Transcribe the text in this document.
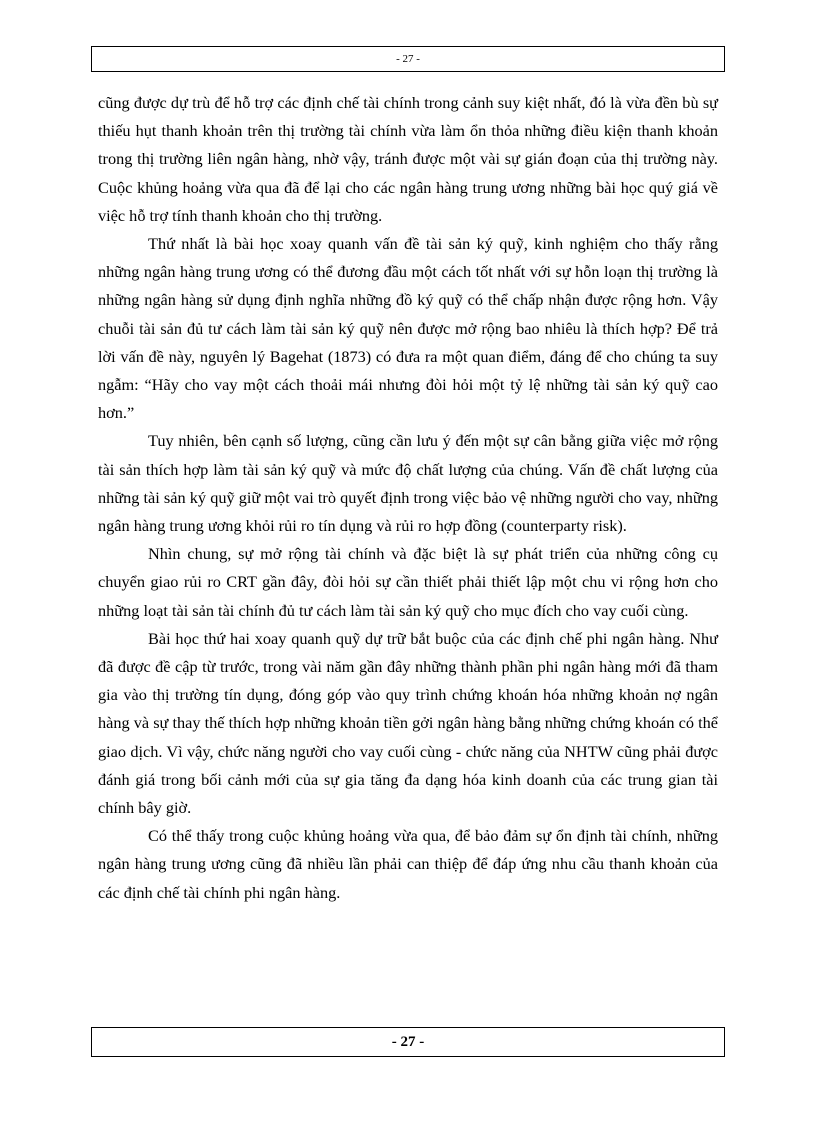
- 27 -

cũng được dự trù để hỗ trợ các định chế tài chính trong cảnh suy kiệt nhất, đó là vừa đền bù sự thiếu hụt thanh khoản trên thị trường tài chính vừa làm ổn thỏa những điều kiện thanh khoản trong thị trường liên ngân hàng, nhờ vậy, tránh được một vài sự gián đoạn của thị trường này. Cuộc khủng hoảng vừa qua đã để lại cho các ngân hàng trung ương những bài học quý giá về việc hỗ trợ tính thanh khoản cho thị trường.

Thứ nhất là bài học xoay quanh vấn đề tài sản ký quỹ, kinh nghiệm cho thấy rằng những ngân hàng trung ương có thể đương đầu một cách tốt nhất với sự hỗn loạn thị trường là những ngân hàng sử dụng định nghĩa những đồ ký quỹ có thể chấp nhận được rộng hơn. Vậy chuỗi tài sản đủ tư cách làm tài sản ký quỹ nên được mở rộng bao nhiêu là thích hợp? Để trả lời vấn đề này, nguyên lý Bagehat (1873) có đưa ra một quan điểm, đáng để cho chúng ta suy ngẫm: “Hãy cho vay một cách thoải mái nhưng đòi hỏi một tỷ lệ những tài sản ký quỹ cao hơn.”

Tuy nhiên, bên cạnh số lượng, cũng cần lưu ý đến một sự cân bằng giữa việc mở rộng tài sản thích hợp làm tài sản ký quỹ và mức độ chất lượng của chúng. Vấn đề chất lượng của những tài sản ký quỹ giữ một vai trò quyết định trong việc bảo vệ những người cho vay, những ngân hàng trung ương khỏi rủi ro tín dụng và rủi ro hợp đồng (counterparty risk).

Nhìn chung, sự mở rộng tài chính và đặc biệt là sự phát triển của những công cụ chuyển giao rủi ro CRT gần đây, đòi hỏi sự cần thiết phải thiết lập một chu vi rộng hơn cho những loạt tài sản tài chính đủ tư cách làm tài sản ký quỹ cho mục đích cho vay cuối cùng.

Bài học thứ hai xoay quanh quỹ dự trữ bắt buộc của các định chế phi ngân hàng. Như đã được đề cập từ trước, trong vài năm gần đây những thành phần phi ngân hàng mới đã tham gia vào thị trường tín dụng, đóng góp vào quy trình chứng khoán hóa những khoản nợ ngân hàng và sự thay thế thích hợp những khoản tiền gởi ngân hàng bằng những chứng khoán có thể giao dịch. Vì vậy, chức năng người cho vay cuối cùng - chức năng của NHTW cũng phải được đánh giá trong bối cảnh mới của sự gia tăng đa dạng hóa kinh doanh của các trung gian tài chính bây giờ.

Có thể thấy trong cuộc khủng hoảng vừa qua, để bảo đảm sự ổn định tài chính, những ngân hàng trung ương cũng đã nhiều lần phải can thiệp để đáp ứng nhu cầu thanh khoản của các định chế tài chính phi ngân hàng.

- 27 -
